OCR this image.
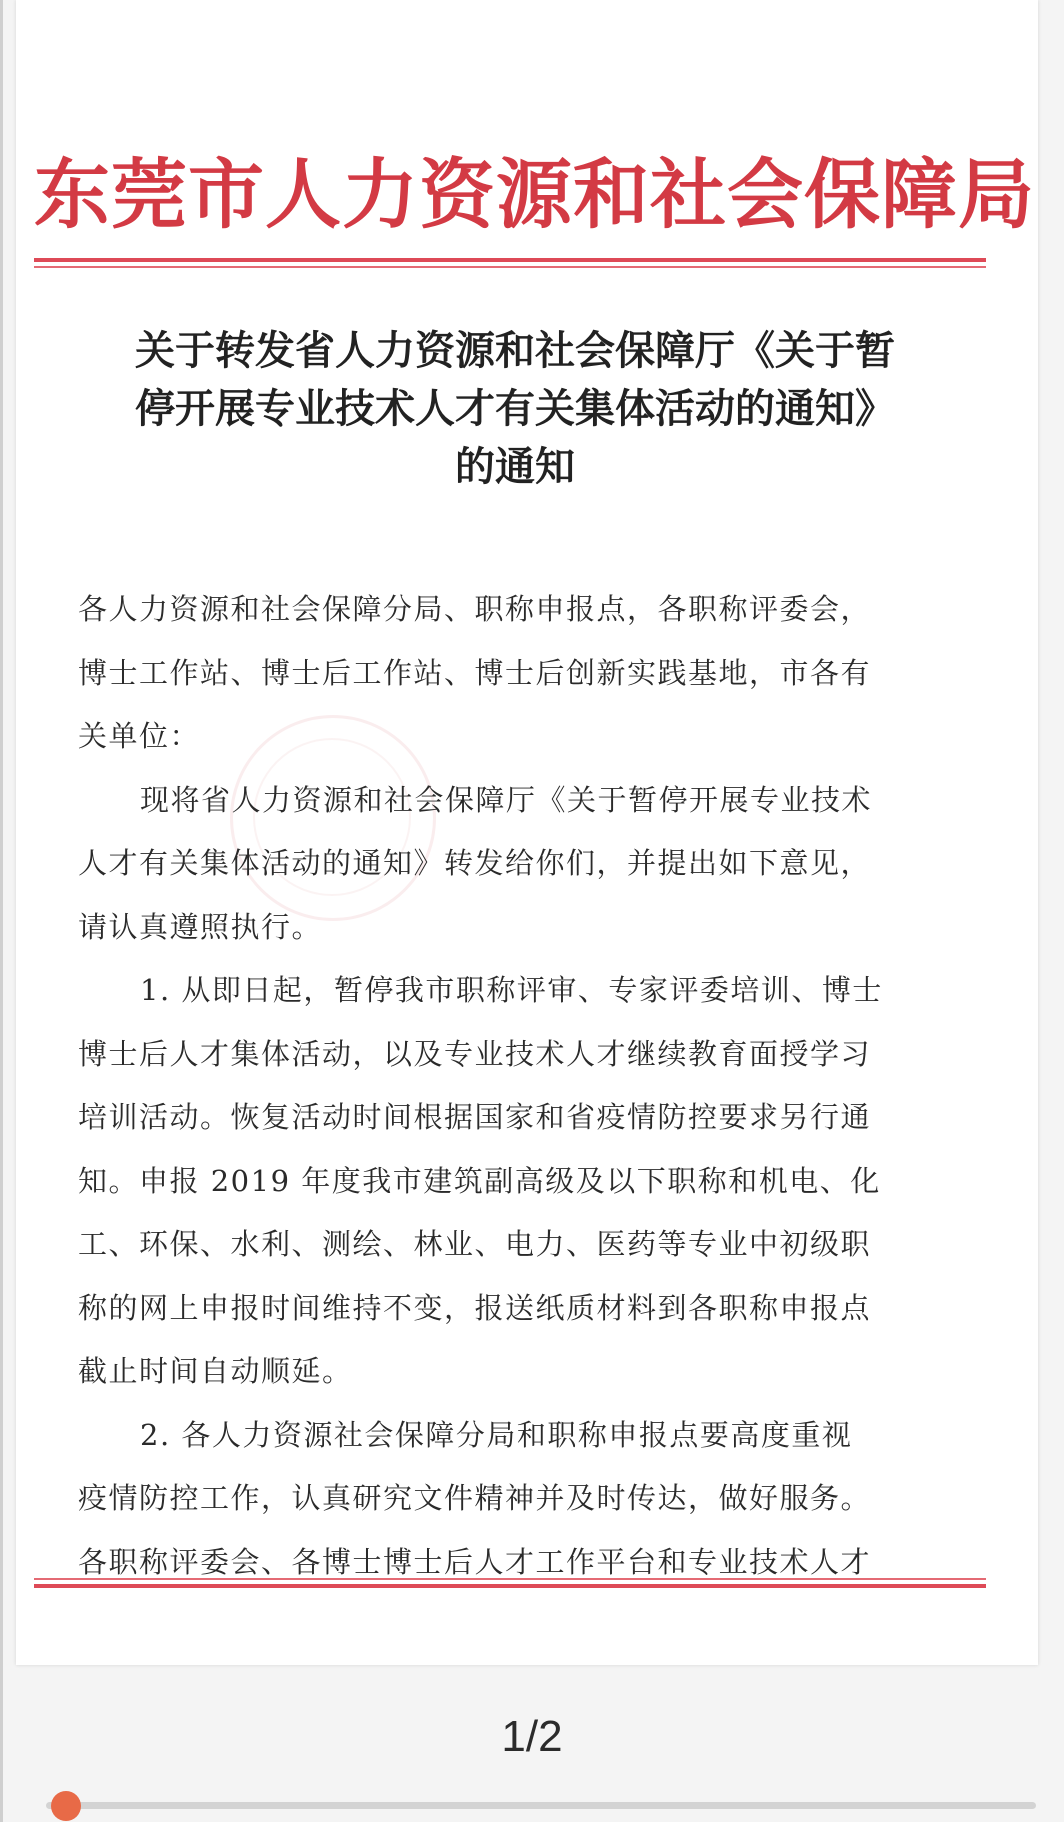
东莞市人力资源和社会保障局
关于转发省人力资源和社会保障厅《关于暂
停开展专业技术人才有关集体活动的通知》
的通知
各人力资源和社会保障分局、职称申报点，各职称评委会，
博士工作站、博士后工作站、博士后创新实践基地，市各有
关单位：
现将省人力资源和社会保障厅《关于暂停开展专业技术
人才有关集体活动的通知》转发给你们，并提出如下意见，
请认真遵照执行。
1. 从即日起，暂停我市职称评审、专家评委培训、博士
博士后人才集体活动，以及专业技术人才继续教育面授学习
培训活动。恢复活动时间根据国家和省疫情防控要求另行通
知。申报 2019 年度我市建筑副高级及以下职称和机电、化
工、环保、水利、测绘、林业、电力、医药等专业中初级职
称的网上申报时间维持不变，报送纸质材料到各职称申报点
截止时间自动顺延。
2. 各人力资源社会保障分局和职称申报点要高度重视
疫情防控工作，认真研究文件精神并及时传达，做好服务。
各职称评委会、各博士博士后人才工作平台和专业技术人才
1/2
